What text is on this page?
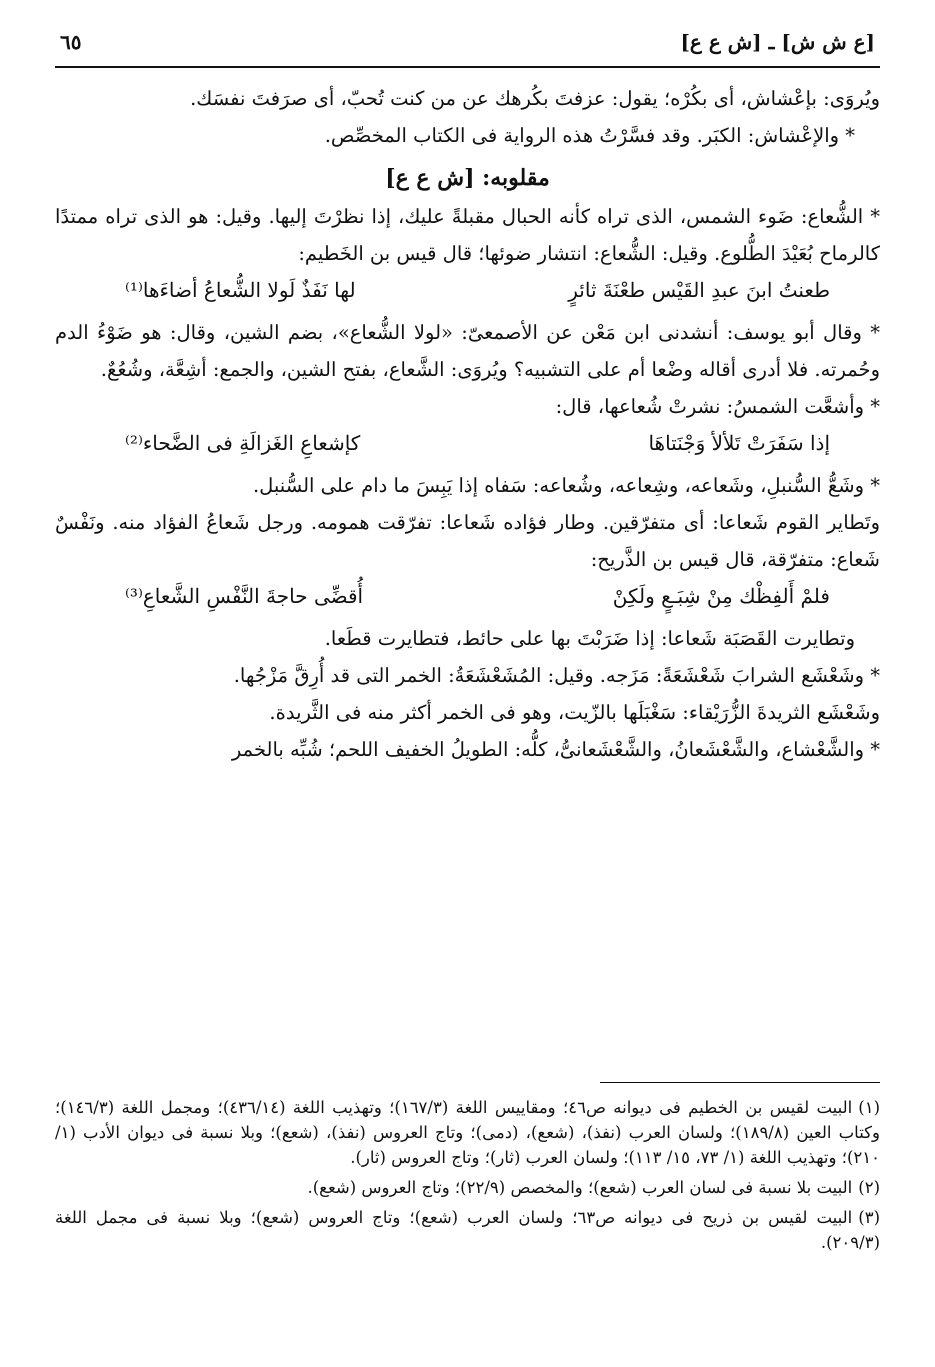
[ع ش ش] ـ [ش ع ع]
٦٥

ويُروَى: بإعْشاش، أى بكُرْه؛ يقول: عزفتَ بكُرهك عن من كنت تُحبّ، أى صرَفتَ نفسَك.

* والإعْشاش: الكبَر. وقد فسَّرْتُ هذه الرواية فى الكتاب المخصِّص.

مقلوبه: [ش ع ع]

* الشُّعاع: ضَوء الشمس، الذى تراه كأنه الحبال مقبلةً عليك، إذا نظرْتَ إليها. وقيل: هو الذى تراه ممتدًا كالرماح بُعَيْدَ الطُّلوع. وقيل: الشُّعاع: انتشار ضوئها؛ قال قيس بن الخَطيم:

طعنتُ ابنَ عبدِ القَيْس طعْنَةَ ثائرٍ
لها نَفَذٌ لَولا الشُّعاعُ أضاءَها⁽¹⁾

* وقال أبو يوسف: أنشدنى ابن مَعْن عن الأصمعىّ: «لولا الشُّعاع»، بضم الشين، وقال: هو ضَوْءُ الدم وحُمرته. فلا أدرى أقاله وضْعا أم على التشبيه؟ ويُروَى: الشَّعاع، بفتح الشين، والجمع: أشِعَّة، وشُعُعٌ.

* وأشعَّت الشمسُ: نشرتْ شُعاعها، قال:

إذا سَفَرَتْ تَلألأ وَجْنَتاهَا
كإشعاعِ الغَزالَةِ فى الضَّحاء⁽²⁾

* وشَعُّ السُّنبلِ، وشَعاعه، وشِعاعه، وشُعاعه: سَفاه إذا يَبِسَ ما دام على السُّنبل.

وتَطاير القوم شَعاعا: أى متفرّقين. وطار فؤاده شَعاعا: تفرّقت همومه. ورجل شَعاعُ الفؤاد منه. ونَفْسٌ شَعاع: متفرّقة، قال قيس بن الذَّريح:

فلمْ أَلفِظْك مِنْ شِبَـعٍ ولَكِنْ
أُقضِّى حاجةَ النَّفْسِ الشَّعاعِ⁽³⁾

وتطايرت القَصَبَة شَعاعا: إذا ضَرَبْتَ بها على حائط، فتطايرت قطَعا.

* وشَعْشَع الشرابَ شَعْشَعَةً: مَزَجه. وقيل: المُشَعْشَعَةُ: الخمر التى قد أُرِقَّ مَزْجُها.

وشَعْشَع الثريدةَ الزُّرَيْقاء: سَغْبَلَها بالزّيت، وهو فى الخمر أكثر منه فى الثَّريدة.

* والشَّعْشاع، والشَّعْشَعانُ، والشَّعْشَعانىُّ، كلُّه: الطويلُ الخفيف اللحم؛ شُبِّه بالخمر

(١)البيت لقيس بن الخطيم فى ديوانه ص٤٦؛ ومقاييس اللغة (١٦٧/٣)؛ وتهذيب اللغة (٤٣٦/١٤)؛ ومجمل اللغة (١٤٦/٣)؛ وكتاب العين (١٨٩/٨)؛ ولسان العرب (نفذ)، (شعع)، (دمى)؛ وتاج العروس (نفذ)، (شعع)؛ وبلا نسبة فى ديوان الأدب (١/ ٢١٠)؛ وتهذيب اللغة (١/ ٧٣، ١٥/ ١١٣)؛ ولسان العرب (ثار)؛ وتاج العروس (ثار).

(٢)البيت بلا نسبة فى لسان العرب (شعع)؛ والمخصص (٢٢/٩)؛ وتاج العروس (شعع).

(٣)البيت لقيس بن ذريح فى ديوانه ص٦٣؛ ولسان العرب (شعع)؛ وتاج العروس (شعع)؛ وبلا نسبة فى مجمل اللغة (٢٠٩/٣).
